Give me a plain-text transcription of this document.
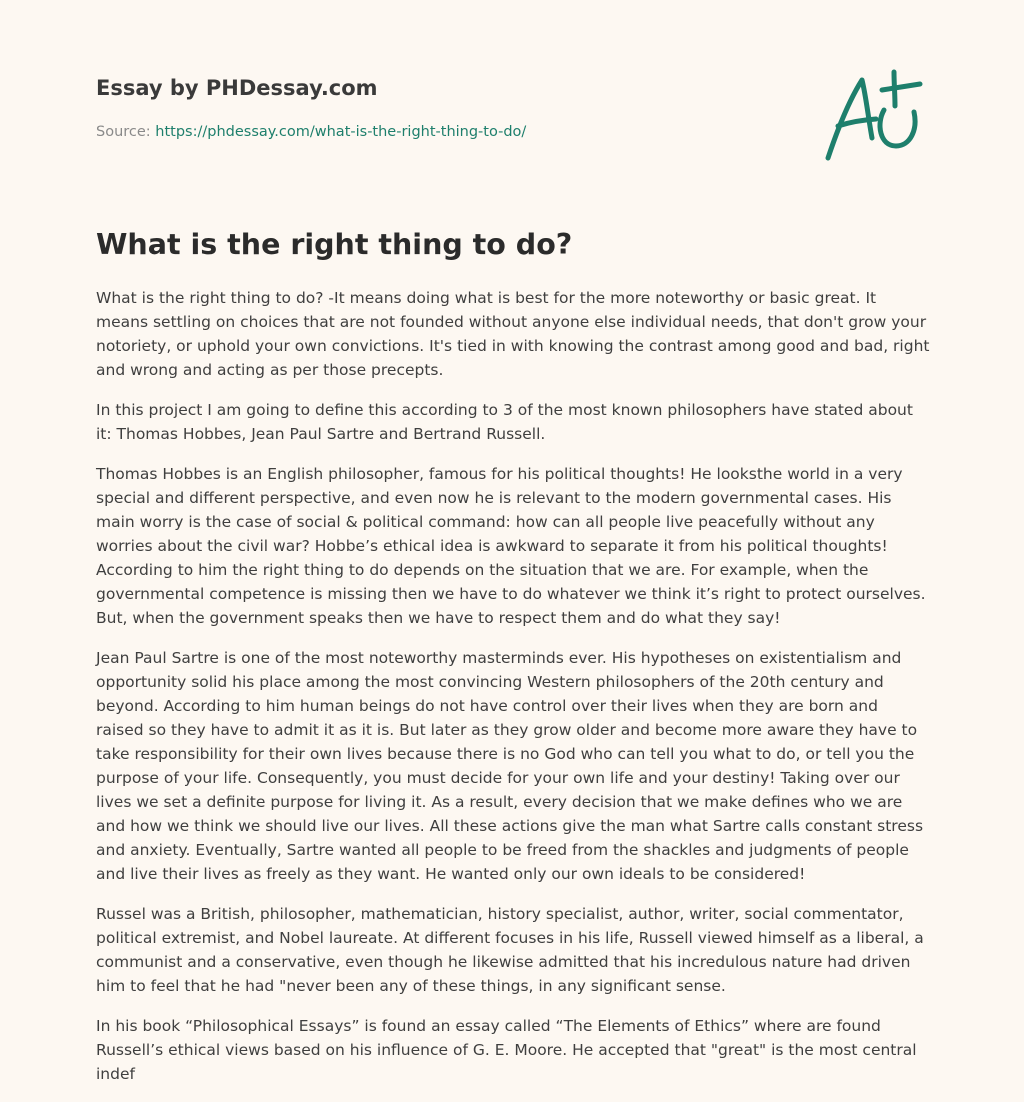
Essay by PHDessay.com
Source: https://phdessay.com/what-is-the-right-thing-to-do/
What is the right thing to do?

What is the right thing to do? -It means doing what is best for the more noteworthy or basic great. It means settling on choices that are not founded without anyone else individual needs, that don't grow your notoriety, or uphold your own convictions. It's tied in with knowing the contrast among good and bad, right and wrong and acting as per those precepts.

In this project I am going to define this according to 3 of the most known philosophers have stated about it: Thomas Hobbes, Jean Paul Sartre and Bertrand Russell.

Thomas Hobbes is an English philosopher, famous for his political thoughts! He looksthe world in a very special and different perspective, and even now he is relevant to the modern governmental cases. His main worry is the case of social & political command: how can all people live peacefully without any worries about the civil war? Hobbe’s ethical idea is awkward to separate it from his political thoughts! According to him the right thing to do depends on the situation that we are. For example, when the governmental competence is missing then we have to do whatever we think it’s right to protect ourselves. But, when the government speaks then we have to respect them and do what they say!

Jean Paul Sartre is one of the most noteworthy masterminds ever. His hypotheses on existentialism and opportunity solid his place among the most convincing Western philosophers of the 20th century and beyond. According to him human beings do not have control over their lives when they are born and raised so they have to admit it as it is. But later as they grow older and become more aware they have to take responsibility for their own lives because there is no God who can tell you what to do, or tell you the purpose of your life. Consequently, you must decide for your own life and your destiny! Taking over our lives we set a definite purpose for living it. As a result, every decision that we make defines who we are and how we think we should live our lives. All these actions give the man what Sartre calls constant stress and anxiety. Eventually, Sartre wanted all people to be freed from the shackles and judgments of people and live their lives as freely as they want. He wanted only our own ideals to be considered!

Russel was a British, philosopher, mathematician, history specialist, author, writer, social commentator, political extremist, and Nobel laureate. At different focuses in his life, Russell viewed himself as a liberal, a communist and a conservative, even though he likewise admitted that his incredulous nature had driven him to feel that he had "never been any of these things, in any significant sense.

In his book “Philosophical Essays” is found an essay called “The Elements of Ethics” where are found Russell’s ethical views based on his influence of G. E. Moore. He accepted that "great" is the most central indef
